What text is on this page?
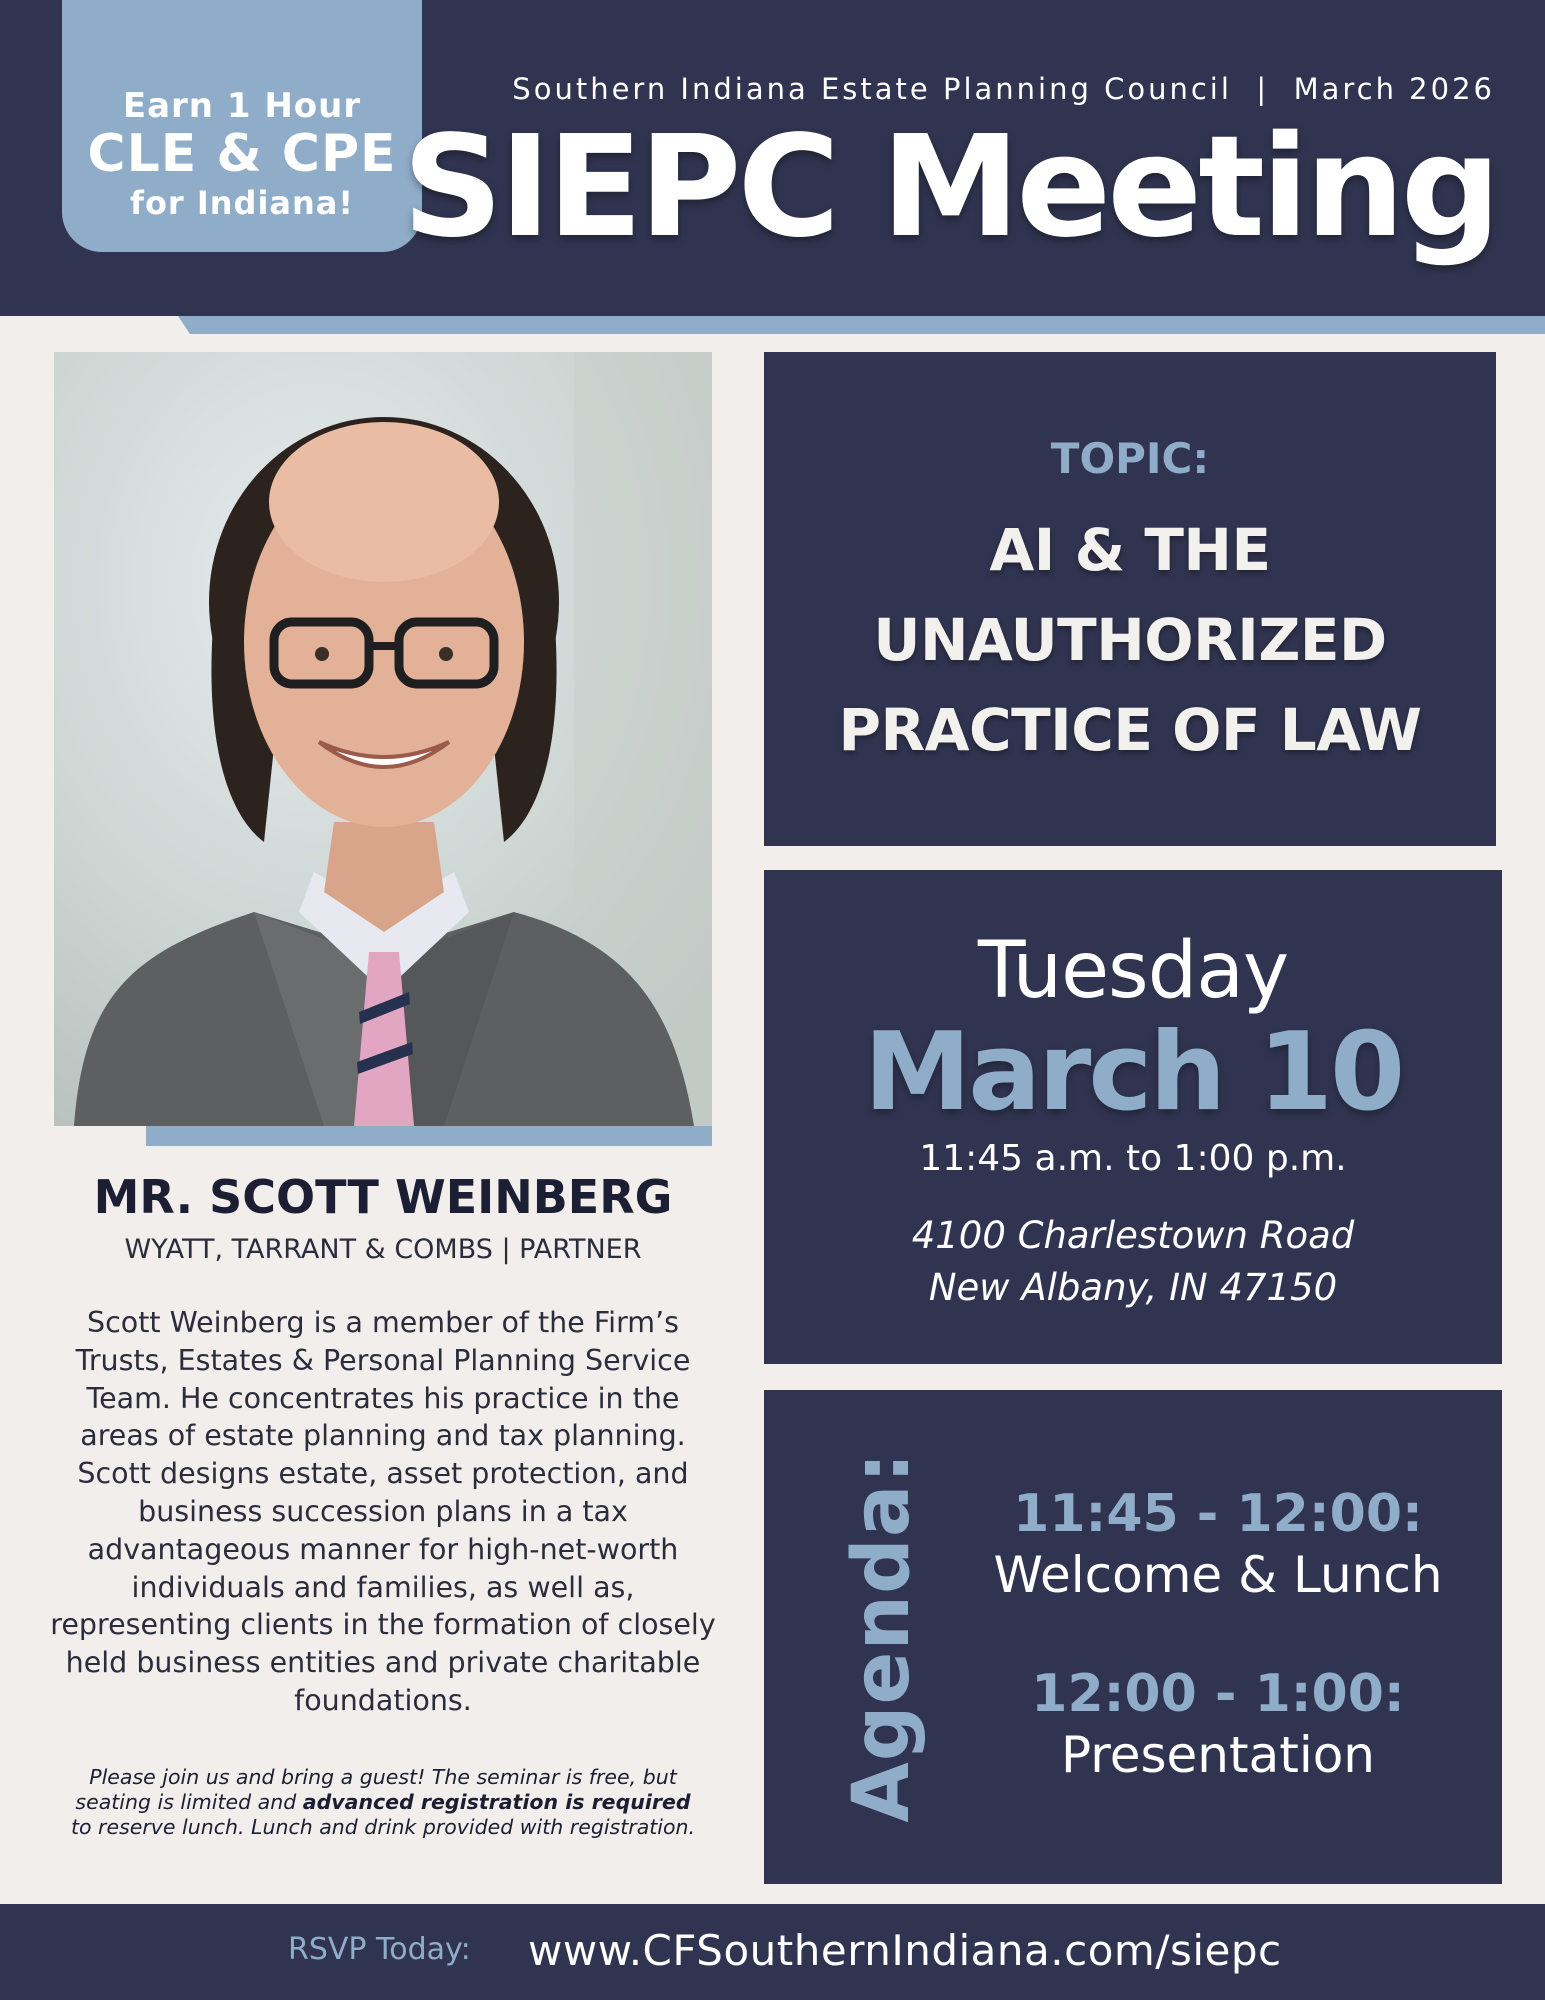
Earn 1 Hour
CLE & CPE
for Indiana!
Southern Indiana Estate Planning Council  |  March 2026
SIEPC Meeting
MR. SCOTT WEINBERG
WYATT, TARRANT & COMBS | PARTNER
Scott Weinberg is a member of the Firm’s
Trusts, Estates & Personal Planning Service
Team. He concentrates his practice in the
areas of estate planning and tax planning.
Scott designs estate, asset protection, and
business succession plans in a tax
advantageous manner for high-net-worth
individuals and families, as well as,
representing clients in the formation of closely
held business entities and private charitable
foundations.
Please join us and bring a guest! The seminar is free, but
seating is limited and advanced registration is required
to reserve lunch. Lunch and drink provided with registration.
TOPIC:
AI & THE
UNAUTHORIZED
PRACTICE OF LAW
Tuesday
March 10
11:45 a.m. to 1:00 p.m.
4100 Charlestown Road
New Albany, IN 47150
Agenda:	11:45 - 12:00:
Welcome & Lunch
12:00 - 1:00:
Presentation
RSVP Today: www.CFSouthernIndiana.com/siepc
